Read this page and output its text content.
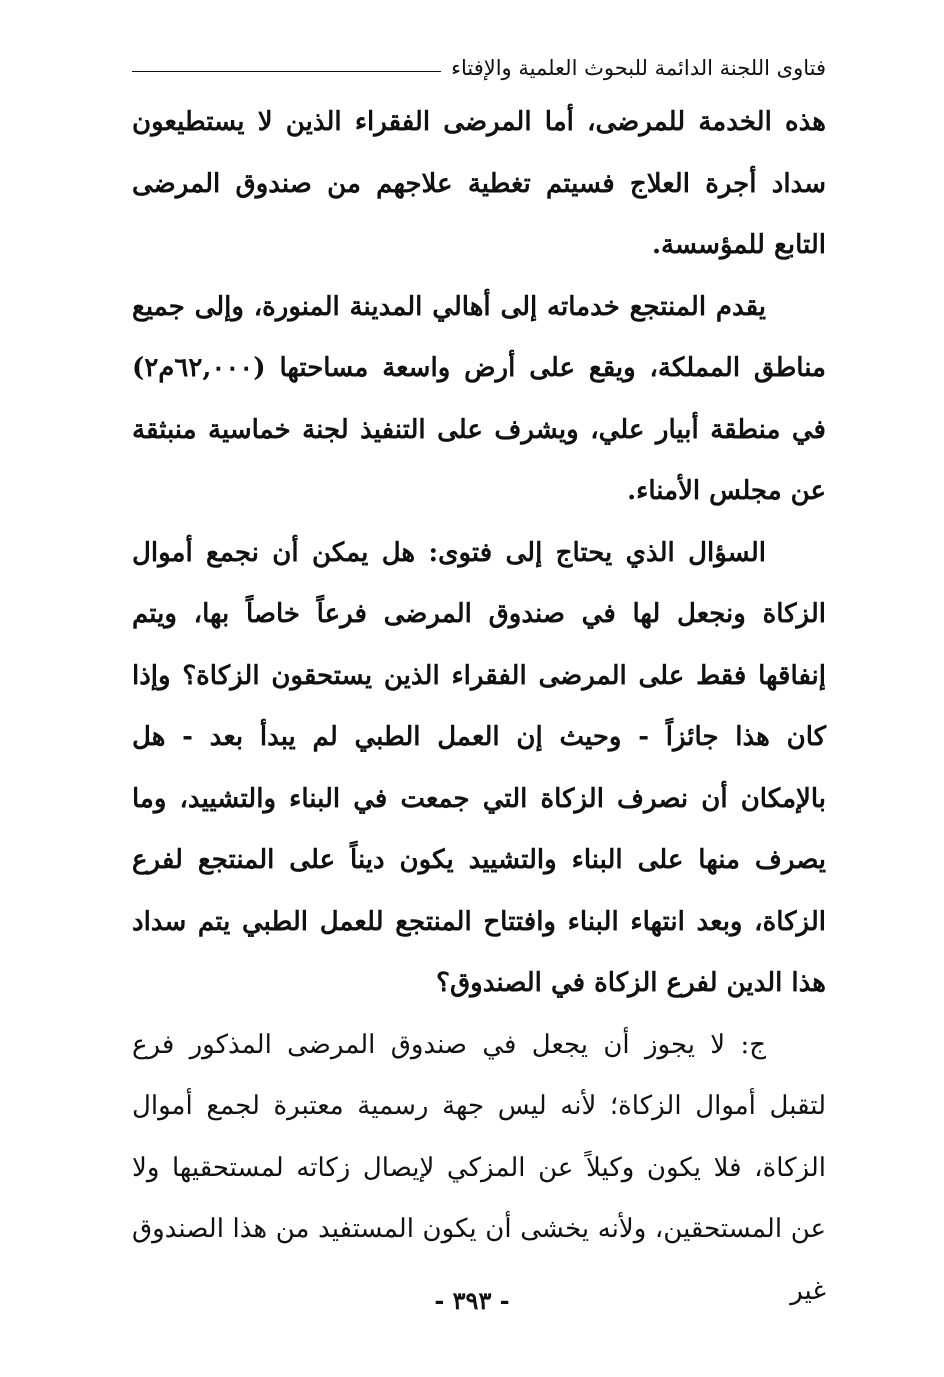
فتاوى اللجنة الدائمة للبحوث العلمية والإفتاء

هذه الخدمة للمرضى، أما المرضى الفقراء الذين لا يستطيعون سداد أجرة العلاج فسيتم تغطية علاجهم من صندوق المرضى التابع للمؤسسة.

يقدم المنتجع خدماته إلى أهالي المدينة المنورة، وإلى جميع مناطق المملكة، ويقع على أرض واسعة مساحتها (٦٢,٠٠٠م٢) في منطقة أبيار علي، ويشرف على التنفيذ لجنة خماسية منبثقة عن مجلس الأمناء.

السؤال الذي يحتاج إلى فتوى: هل يمكن أن نجمع أموال الزكاة ونجعل لها في صندوق المرضى فرعاً خاصاً بها، ويتم إنفاقها فقط على المرضى الفقراء الذين يستحقون الزكاة؟ وإذا كان هذا جائزاً - وحيث إن العمل الطبي لم يبدأ بعد - هل بالإمكان أن نصرف الزكاة التي جمعت في البناء والتشييد، وما يصرف منها على البناء والتشييد يكون ديناً على المنتجع لفرع الزكاة، وبعد انتهاء البناء وافتتاح المنتجع للعمل الطبي يتم سداد هذا الدين لفرع الزكاة في الصندوق؟

ج: لا يجوز أن يجعل في صندوق المرضى المذكور فرع لتقبل أموال الزكاة؛ لأنه ليس جهة رسمية معتبرة لجمع أموال الزكاة، فلا يكون وكيلاً عن المزكي لإيصال زكاته لمستحقيها ولا عن المستحقين، ولأنه يخشى أن يكون المستفيد من هذا الصندوق غير

- ٣٩٣ -
